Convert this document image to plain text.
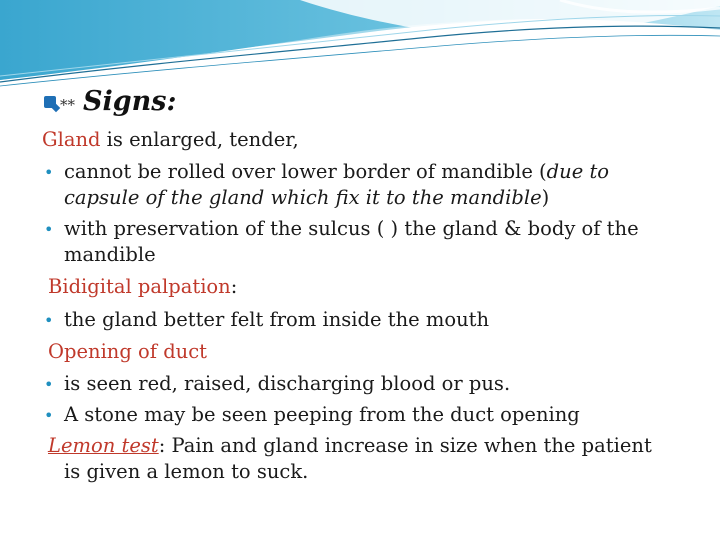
** Signs:
Gland is enlarged, tender,
• cannot be rolled over lower border of mandible (due to
capsule of the gland which fix it to the mandible)
• with preservation of the sulcus ( ) the gland & body of the
mandible
Bidigital palpation:
• the gland better felt from inside the mouth
Opening of duct
• is seen red, raised, discharging blood or pus.
• A stone may be seen peeping from the duct opening
Lemon test: Pain and gland increase in size when the patient
is given a lemon to suck.
